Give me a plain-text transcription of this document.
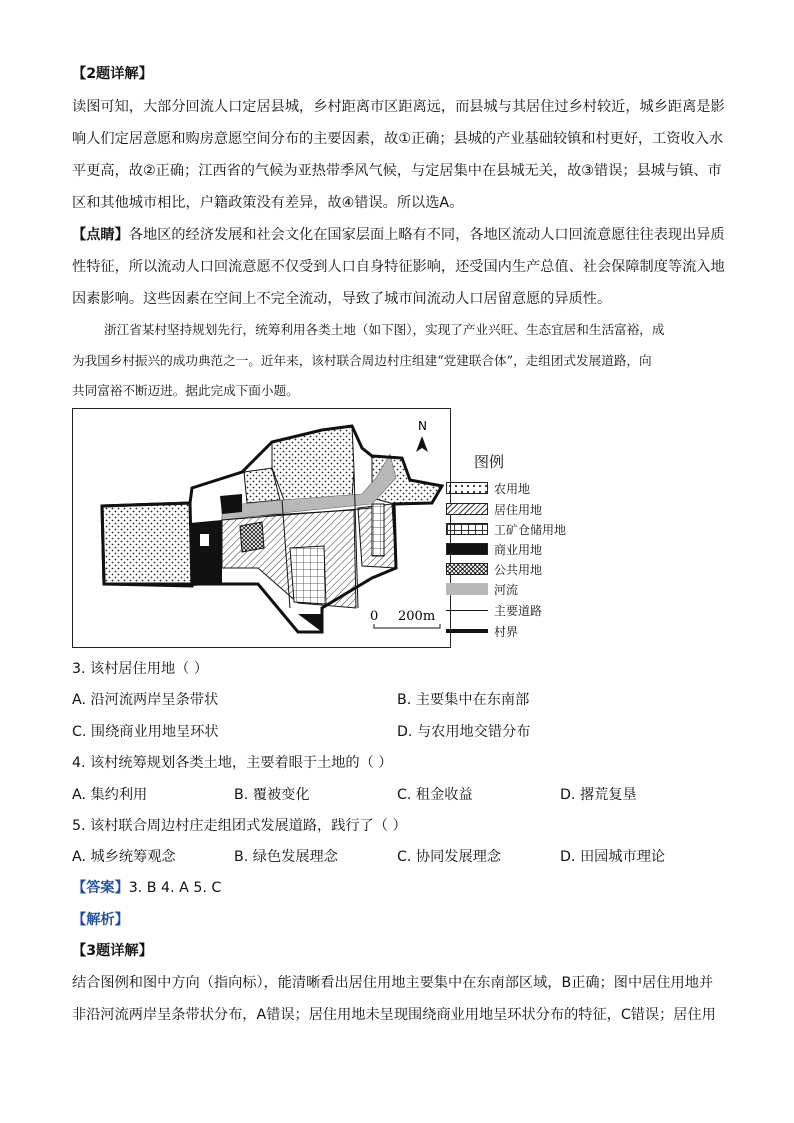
【2题详解】
读图可知，大部分回流人口定居县城，乡村距离市区距离远，而县城与其居住过乡村较近，城乡距离是影
响人们定居意愿和购房意愿空间分布的主要因素，故①正确；县城的产业基础较镇和村更好，工资收入水
平更高，故②正确；江西省的气候为亚热带季风气候，与定居集中在县城无关，故③错误；县城与镇、市
区和其他城市相比，户籍政策没有差异，故④错误。所以选A。
【点睛】各地区的经济发展和社会文化在国家层面上略有不同，各地区流动人口回流意愿往往表现出异质
性特征，所以流动人口回流意愿不仅受到人口自身特征影响，还受国内生产总值、社会保障制度等流入地
因素影响。这些因素在空间上不完全流动，导致了城市间流动人口居留意愿的异质性。
浙江省某村坚持规划先行，统筹利用各类土地（如下图），实现了产业兴旺、生态宜居和生活富裕，成
为我国乡村振兴的成功典范之一。近年来，该村联合周边村庄组建“党建联合体”，走组团式发展道路，向
共同富裕不断迈进。据此完成下面小题。
N
0 200m
图例
农用地
居住用地
工矿仓储用地
商业用地
公共用地
河流
主要道路
村界
3. 该村居住用地（ ）
A. 沿河流两岸呈条带状	B. 主要集中在东南部
C. 围绕商业用地呈环状	D. 与农用地交错分布
4. 该村统筹规划各类土地，主要着眼于土地的（ ）
A. 集约利用	B. 覆被变化	C. 租金收益	D. 撂荒复垦
5. 该村联合周边村庄走组团式发展道路，践行了（ ）
A. 城乡统筹观念	B. 绿色发展理念	C. 协同发展理念	D. 田园城市理论
【答案】3. B 4. A 5. C
【解析】
【3题详解】
结合图例和图中方向（指向标），能清晰看出居住用地主要集中在东南部区域，B正确；图中居住用地并
非沿河流两岸呈条带状分布，A错误；居住用地未呈现围绕商业用地呈环状分布的特征，C错误；居住用
